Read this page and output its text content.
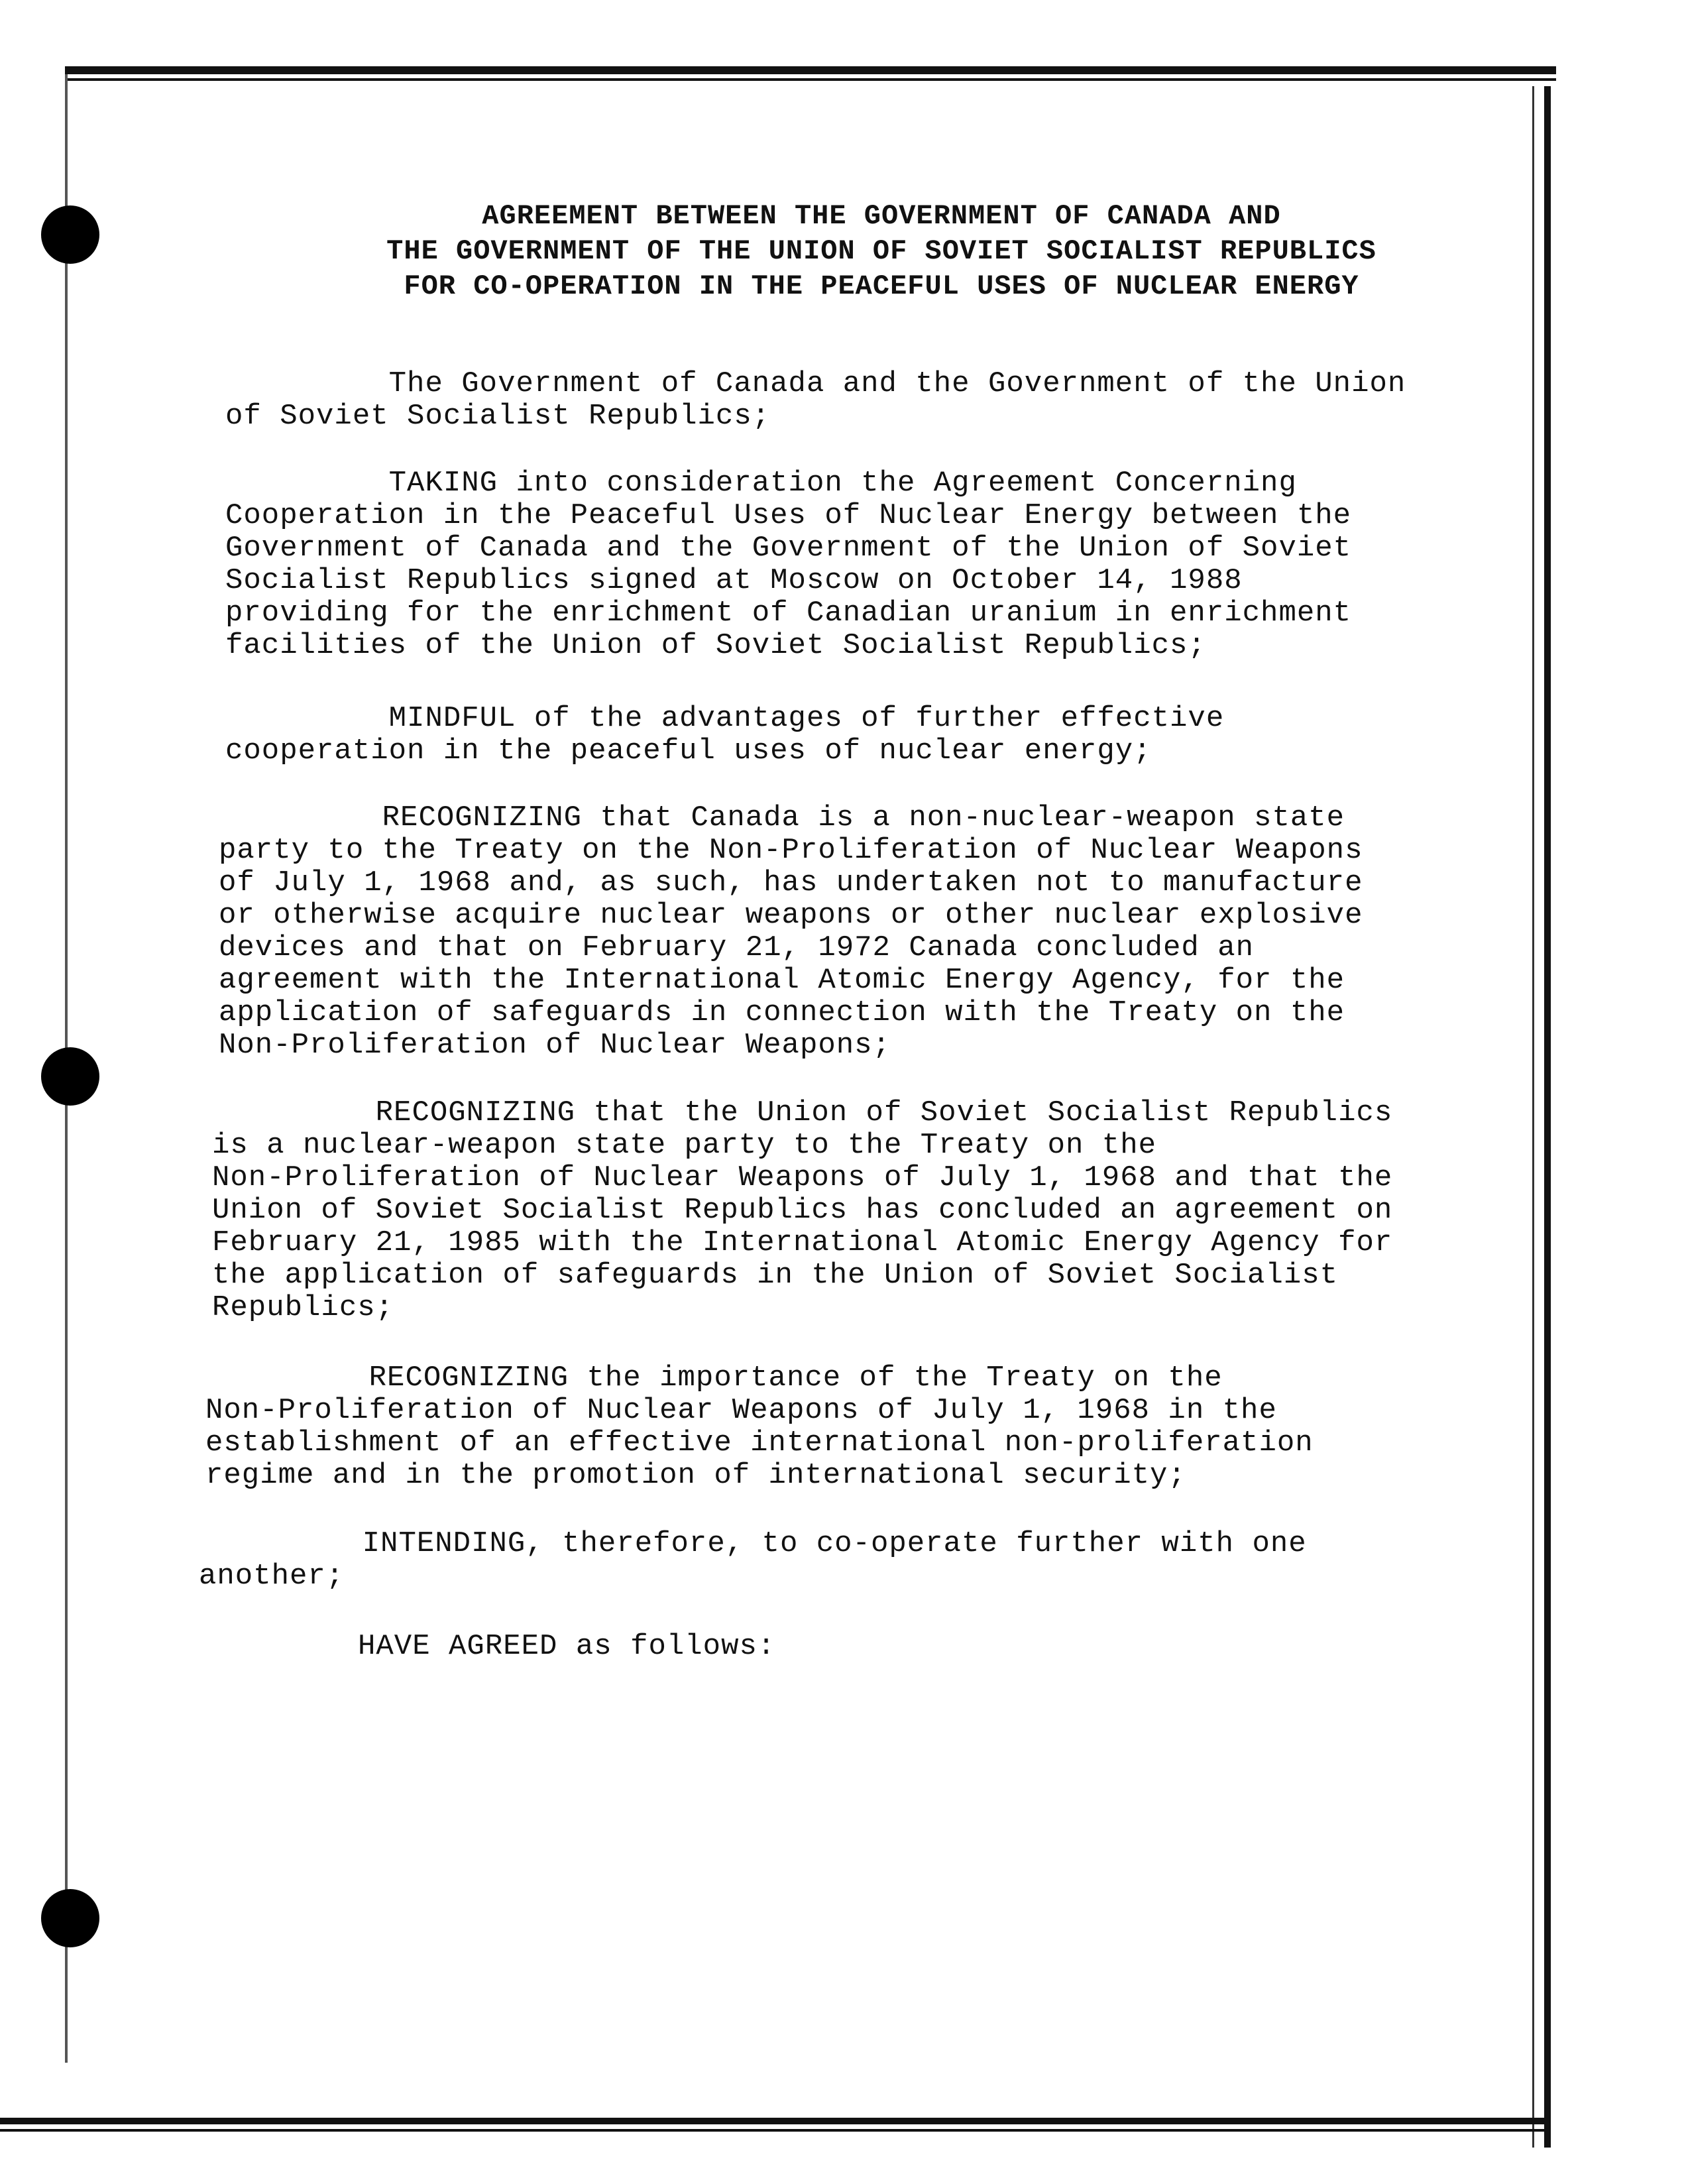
AGREEMENT BETWEEN THE GOVERNMENT OF CANADA AND
THE GOVERNMENT OF THE UNION OF SOVIET SOCIALIST REPUBLICS
FOR CO-OPERATION IN THE PEACEFUL USES OF NUCLEAR ENERGY
The Government of Canada and the Government of the Union
of Soviet Socialist Republics;
TAKING into consideration the Agreement Concerning
Cooperation in the Peaceful Uses of Nuclear Energy between the
Government of Canada and the Government of the Union of Soviet
Socialist Republics signed at Moscow on October 14, 1988
providing for the enrichment of Canadian uranium in enrichment
facilities of the Union of Soviet Socialist Republics;
MINDFUL of the advantages of further effective
cooperation in the peaceful uses of nuclear energy;
RECOGNIZING that Canada is a non-nuclear-weapon state
party to the Treaty on the Non-Proliferation of Nuclear Weapons
of July 1, 1968 and, as such, has undertaken not to manufacture
or otherwise acquire nuclear weapons or other nuclear explosive
devices and that on February 21, 1972 Canada concluded an
agreement with the International Atomic Energy Agency, for the
application of safeguards in connection with the Treaty on the
Non-Proliferation of Nuclear Weapons;
RECOGNIZING that the Union of Soviet Socialist Republics
is a nuclear-weapon state party to the Treaty on the
Non-Proliferation of Nuclear Weapons of July 1, 1968 and that the
Union of Soviet Socialist Republics has concluded an agreement on
February 21, 1985 with the International Atomic Energy Agency for
the application of safeguards in the Union of Soviet Socialist
Republics;
RECOGNIZING the importance of the Treaty on the
Non-Proliferation of Nuclear Weapons of July 1, 1968 in the
establishment of an effective international non-proliferation
regime and in the promotion of international security;
INTENDING, therefore, to co-operate further with one
another;
HAVE AGREED as follows:
